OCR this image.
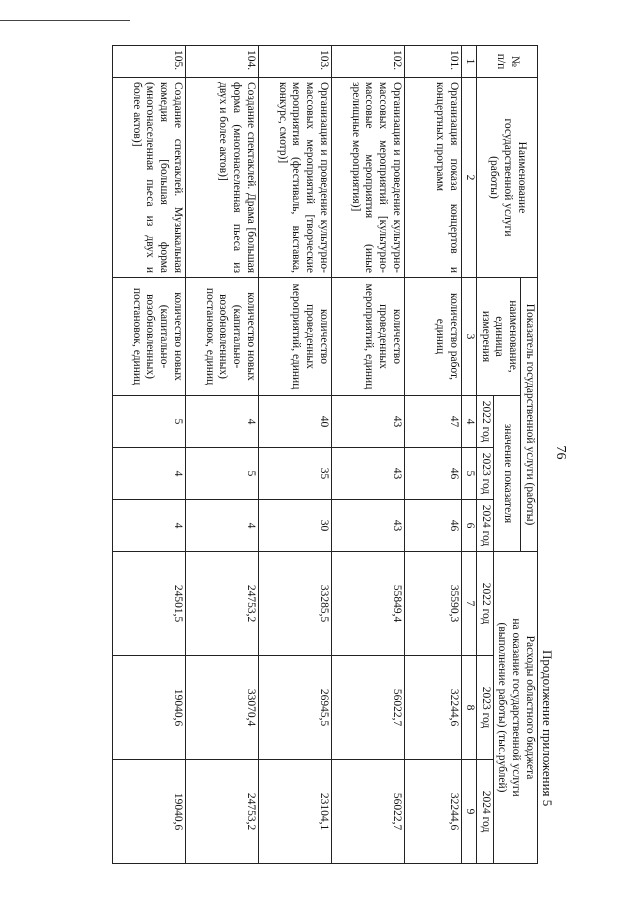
76
Продолжение приложения 5
№
п/п	Наименование
государственной услуги
(работы)	Показатель государственной услуги (работы)				Расходы областного бюджета
на оказание государственной услуги
(выполнение работы) (тыс.рублей)		
		наименование,
единица
измерения	значение показателя					
			2022 год	2023 год	2024 год	2022 год	2023 год	2024 год
1	2	3	4	5	6	7	8	9
101.	Организация показа концертов и концертных программ	количество работ, единиц	47	46	46	35590,3	32244,6	32244,6
102.	Организация и проведение культурно-массовых мероприятий [культурно-массовые мероприятия (иные зрелищные мероприятия)]	количество проведенных мероприятий, единиц	43	43	43	55849,4	56022,7	56022,7
103.	Организация и проведение культурно-массовых мероприятий [творческие мероприятия (фестиваль, выставка, конкурс, смотр)]	количество проведенных мероприятий, единиц	40	35	30	33285,5	26945,5	23104,1
104.	Создание спектаклей. Драма [большая форма (многонаселенная пьеса из двух и более актов)]	количество новых (капитально-возобновленных) постановок, единиц	4	5	4	24753,2	33070,4	24753,2
105.	Создание спектаклей. Музыкальная комедия [большая форма (многонаселенная пьеса из двух и более актов)]	количество новых (капитально-возобновленных) постановок, единиц	5	4	4	24501,5	19040,6	19040,6
